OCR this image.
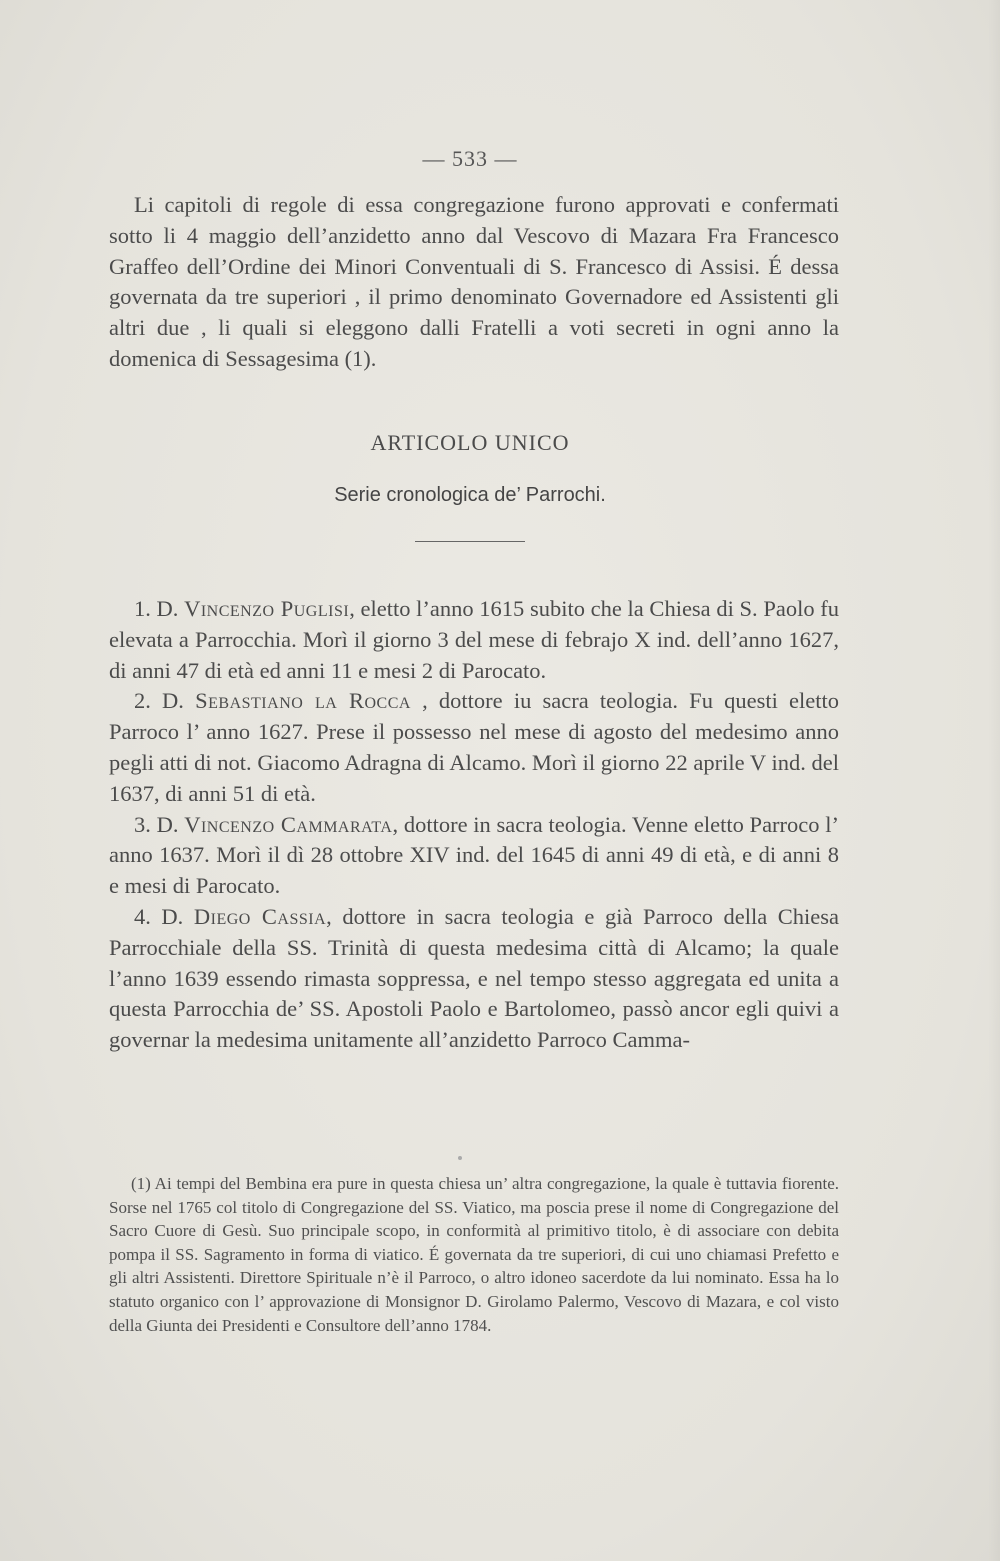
— 533 —

Li capitoli di regole di essa congregazione furono approvati e confermati sotto li 4 maggio dell’anzidetto anno dal Vescovo di Mazara Fra Francesco Graffeo dell’Ordine dei Minori Conventuali di S. Francesco di Assisi. É dessa governata da tre superiori , il primo denominato Governadore ed Assistenti gli altri due , li quali si eleggono dalli Fratelli a voti secreti in ogni anno la domenica di Sessagesima (1).

ARTICOLO UNICO
Serie cronologica de’ Parrochi.

1. D. Vincenzo Puglisi, eletto l’anno 1615 subito che la Chiesa di S. Paolo fu elevata a Parrocchia. Morì il giorno 3 del mese di febrajo X ind. dell’anno 1627, di anni 47 di età ed anni 11 e mesi 2 di Parocato.

2. D. Sebastiano la Rocca , dottore iu sacra teologia. Fu questi eletto Parroco l’ anno 1627. Prese il possesso nel mese di agosto del medesimo anno pegli atti di not. Giacomo Adragna di Alcamo. Morì il giorno 22 aprile V ind. del 1637, di anni 51 di età.

3. D. Vincenzo Cammarata, dottore in sacra teologia. Venne eletto Parroco l’ anno 1637. Morì il dì 28 ottobre XIV ind. del 1645 di anni 49 di età, e di anni 8 e mesi di Parocato.

4. D. Diego Cassia, dottore in sacra teologia e già Parroco della Chiesa Parrocchiale della SS. Trinità di questa medesima città di Alcamo; la quale l’anno 1639 essendo rimasta soppressa, e nel tempo stesso aggregata ed unita a questa Parrocchia de’ SS. Apostoli Paolo e Bartolomeo, passò ancor egli quivi a governar la medesima unitamente all’anzidetto Parroco Camma-

(1) Ai tempi del Bembina era pure in questa chiesa un’ altra congregazione, la quale è tuttavia fiorente. Sorse nel 1765 col titolo di Congregazione del SS. Viatico, ma poscia prese il nome di Congregazione del Sacro Cuore di Gesù. Suo principale scopo, in conformità al primitivo titolo, è di associare con debita pompa il SS. Sagramento in forma di viatico. É governata da tre superiori, di cui uno chiamasi Prefetto e gli altri Assistenti. Direttore Spirituale n’è il Parroco, o altro idoneo sacerdote da lui nominato. Essa ha lo statuto organico con l’ approvazione di Monsignor D. Girolamo Palermo, Vescovo di Mazara, e col visto della Giunta dei Presidenti e Consultore dell’anno 1784.
